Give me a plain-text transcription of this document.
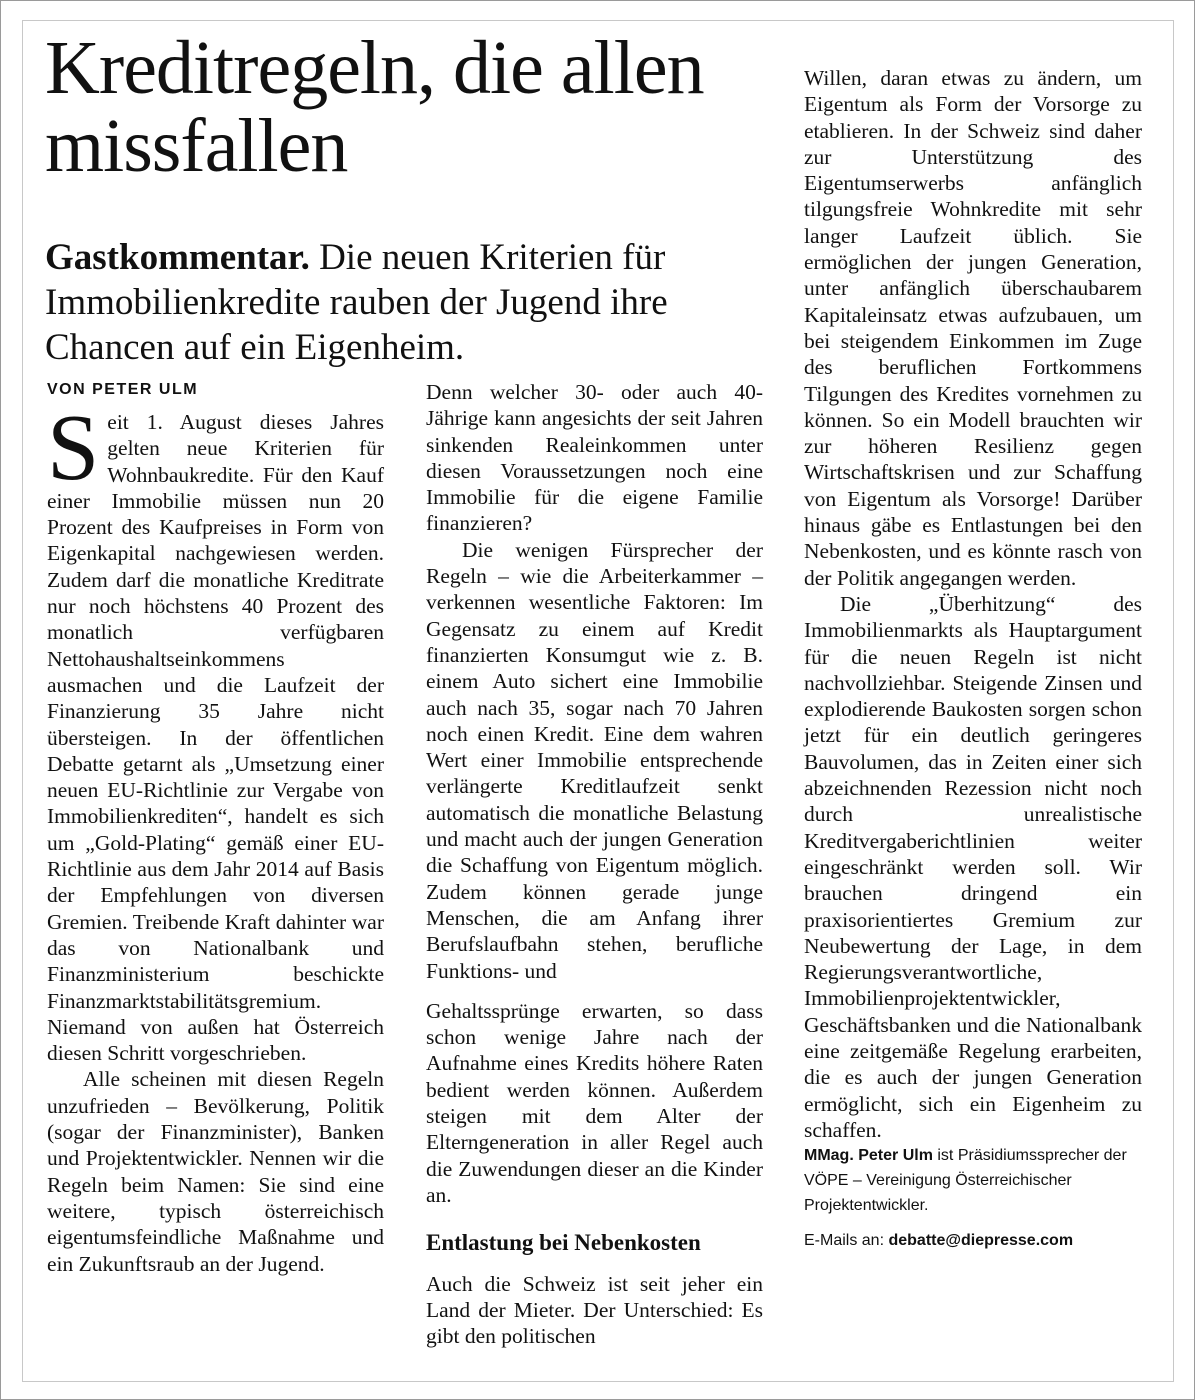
Kreditregeln, die allen missfallen

Gastkommentar. Die neuen Kriterien für Immobilienkredite rauben der Jugend ihre Chancen auf ein Eigenheim.

VON PETER ULM

S eit 1. August dieses Jahres gelten neue Kriterien für Wohnbaukredite. Für den Kauf einer Immobilie müssen nun 20 Prozent des Kaufpreises in Form von Eigenkapital nachgewiesen werden. Zudem darf die monatliche Kreditrate nur noch höchstens 40 Prozent des monatlich verfügbaren Nettohaushaltseinkommens ausmachen und die Laufzeit der Finanzierung 35 Jahre nicht übersteigen. In der öffentlichen Debatte getarnt als „Umsetzung einer neuen EU-Richtlinie zur Vergabe von Immobilienkrediten“, handelt es sich um „Gold-Plating“ gemäß einer EU-Richtlinie aus dem Jahr 2014 auf Basis der Empfehlungen von diversen Gremien. Treibende Kraft dahinter war das von Nationalbank und Finanzministerium beschickte Finanzmarktstabilitätsgremium. Niemand von außen hat Österreich diesen Schritt vorgeschrieben.

Alle scheinen mit diesen Regeln unzufrieden – Bevölkerung, Politik (sogar der Finanzminister), Banken und Projektentwickler. Nennen wir die Regeln beim Namen: Sie sind eine weitere, typisch österreichisch eigentumsfeindliche Maßnahme und ein Zukunftsraub an der Jugend.

Denn welcher 30- oder auch 40-Jährige kann angesichts der seit Jahren sinkenden Realeinkommen unter diesen Voraussetzungen noch eine Immobilie für die eigene Familie finanzieren?

Die wenigen Fürsprecher der Regeln – wie die Arbeiterkammer – verkennen wesentliche Faktoren: Im Gegensatz zu einem auf Kredit finanzierten Konsumgut wie z. B. einem Auto sichert eine Immobilie auch nach 35, sogar nach 70 Jahren noch einen Kredit. Eine dem wahren Wert einer Immobilie entsprechende verlängerte Kreditlaufzeit senkt automatisch die monatliche Belastung und macht auch der jungen Generation die Schaffung von Eigentum möglich. Zudem können gerade junge Menschen, die am Anfang ihrer Berufslaufbahn stehen, berufliche Funktions- und

Gehaltssprünge erwarten, so dass schon wenige Jahre nach der Aufnahme eines Kredits höhere Raten bedient werden können. Außerdem steigen mit dem Alter der Elterngeneration in aller Regel auch die Zuwendungen dieser an die Kinder an.

Entlastung bei Nebenkosten

Auch die Schweiz ist seit jeher ein Land der Mieter. Der Unterschied: Es gibt den politischen

Willen, daran etwas zu ändern, um Eigentum als Form der Vorsorge zu etablieren. In der Schweiz sind daher zur Unterstützung des Eigentumserwerbs anfänglich tilgungsfreie Wohnkredite mit sehr langer Laufzeit üblich. Sie ermöglichen der jungen Generation, unter anfänglich überschaubarem Kapitaleinsatz etwas aufzubauen, um bei steigendem Einkommen im Zuge des beruflichen Fortkommens Tilgungen des Kredites vornehmen zu können. So ein Modell brauchten wir zur höheren Resilienz gegen Wirtschaftskrisen und zur Schaffung von Eigentum als Vorsorge! Darüber hinaus gäbe es Entlastungen bei den Nebenkosten, und es könnte rasch von der Politik angegangen werden.

Die „Überhitzung“ des Immobilienmarkts als Hauptargument für die neuen Regeln ist nicht nachvollziehbar. Steigende Zinsen und explodierende Baukosten sorgen schon jetzt für ein deutlich geringeres Bauvolumen, das in Zeiten einer sich abzeichnenden Rezession nicht noch durch unrealistische Kreditvergaberichtlinien weiter eingeschränkt werden soll. Wir brauchen dringend ein praxisorientiertes Gremium zur Neubewertung der Lage, in dem Regierungsverantwortliche, Immobilienprojektentwickler, Geschäftsbanken und die Nationalbank eine zeitgemäße Regelung erarbeiten, die es auch der jungen Generation ermöglicht, sich ein Eigenheim zu schaffen.

MMag. Peter Ulm ist Präsidiumssprecher der VÖPE – Vereinigung Österreichischer Projektentwickler.

E-Mails an: debatte@diepresse.com
